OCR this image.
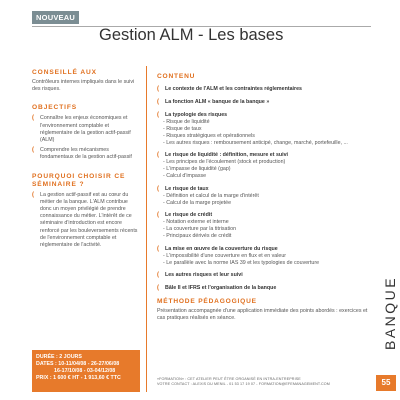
NOUVEAU
Gestion ALM - Les bases
CONSEILLÉ AUX
Contrôleurs internes impliqués dans le suivi des risques.
OBJECTIFS
(	Connaître les enjeux économiques et l'environnement comptable et réglementaire de la gestion actif-passif (ALM)
(	Comprendre les mécanismes fondamentaux de la gestion actif-passif
POURQUOI CHOISIR CE SÉMINAIRE ?
(	La gestion actif-passif est au cœur du métier de la banque. L'ALM contribue donc un moyen privilégié de prendre connaissance du métier. L'intérêt de ce séminaire d'introduction est encore renforcé par les bouleversements récents de l'environnement comptable et réglementaire de l'activité.
DURÉE : 2 JOURS
DATES : 10-11/04/08 - 26-27/06/08
16-17/10/08 - 03-04/12/08
PRIX : 1 600 € HT - 1 913,60 € TTC
CONTENU
(	Le contexte de l'ALM et les contraintes réglementaires
(	La fonction ALM « banque de la banque »
(	La typologie des risques
- Risque de liquidité
- Risque de taux
- Risques stratégiques et opérationnels
- Les autres risques : remboursement anticipé, change, marché, portefeuille, ...
(	Le risque de liquidité : définition, mesure et suivi
- Les principes de l'écoulement (stock et production)
- L'impasse de liquidité (gap)
- Calcul d'impasse
(	Le risque de taux
- Définition et calcul de la marge d'intérêt
- Calcul de la marge projetée
(	Le risque de crédit
- Notation externe et interne
- La couverture par la titrisation
- Principaux dérivés de crédit
(	La mise en œuvre de la couverture du risque
- L'impossibilité d'une couverture en flux et en valeur
- Le parallèle avec la norme IAS 39 et les typologies de couverture
(	Les autres risques et leur suivi
(	Bâle II et IFRS et l'organisation de la banque
MÉTHODE PÉDAGOGIQUE
Présentation accompagnée d'une application immédiate des points abordés : exercices et cas pratiques réalisés en séance.
«FORMATION» : CET ATELIER PEUT ÊTRE ORGANISÉ EN INTRA-ENTREPRISE
VOTRE CONTACT : ALEXIS DU MENIL - 01 53 17 19 07 - FORMATION@EFEMANAGEMENT.COM
BANQUE
55
